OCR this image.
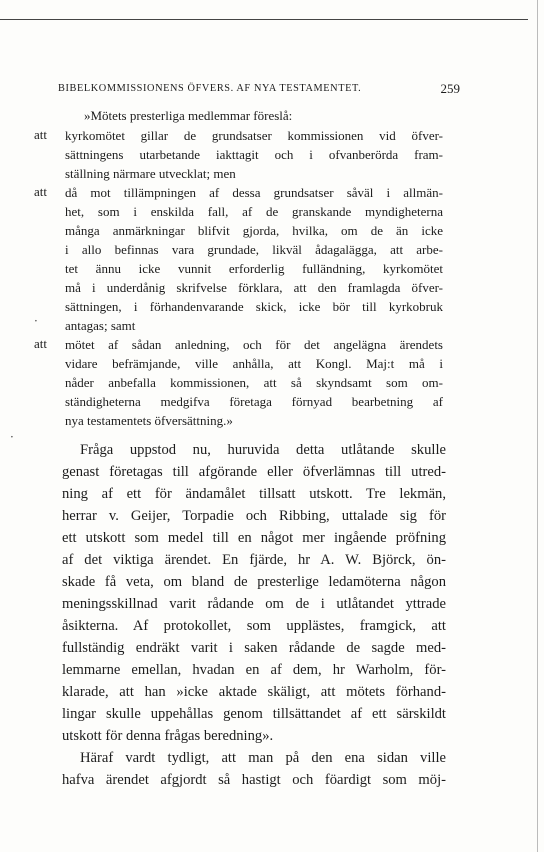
BIBELKOMMISSIONENS ÖFVERS. AF NYA TESTAMENTET.	259
»Mötets presterliga medlemmar föreslå:
att kyrkomötet gillar de grundsatser kommissionen vid öfver-
sättningens utarbetande iakttagit och i ofvanberörda fram-
ställning närmare utvecklat; men
att då mot tillämpningen af dessa grundsatser såväl i allmän-
het, som i enskilda fall, af de granskande myndigheterna
många anmärkningar blifvit gjorda, hvilka, om de än icke
i allo befinnas vara grundade, likväl ådagalägga, att arbe-
tet ännu icke vunnit erforderlig fulländning, kyrkomötet
må i underdånig skrifvelse förklara, att den framlagda öfver-
sättningen, i förhandenvarande skick, icke bör till kyrkobruk
antagas; samt
·
att mötet af sådan anledning, och för det angelägna ärendets
vidare befrämjande, ville anhålla, att Kongl. Maj:t må i
nåder anbefalla kommissionen, att så skyndsamt som om-
ständigheterna medgifva företaga förnyad bearbetning af
nya testamentets öfversättning.»
·
Fråga uppstod nu, huruvida detta utlåtande skulle
genast företagas till afgörande eller öfverlämnas till utred-
ning af ett för ändamålet tillsatt utskott. Tre lekmän,
herrar v. Geijer, Torpadie och Ribbing, uttalade sig för
ett utskott som medel till en något mer ingående pröfning
af det viktiga ärendet. En fjärde, hr A. W. Björck, ön-
skade få veta, om bland de presterlige ledamöterna någon
meningsskillnad varit rådande om de i utlåtandet yttrade
åsikterna. Af protokollet, som upplästes, framgick, att
fullständig endräkt varit i saken rådande de sagde med-
lemmarne emellan, hvadan en af dem, hr Warholm, för-
klarade, att han »icke aktade skäligt, att mötets förhand-
lingar skulle uppehållas genom tillsättandet af ett särskildt
utskott för denna frågas beredning».
Häraf vardt tydligt, att man på den ena sidan ville
hafva ärendet afgjordt så hastigt och föardigt som möj-
